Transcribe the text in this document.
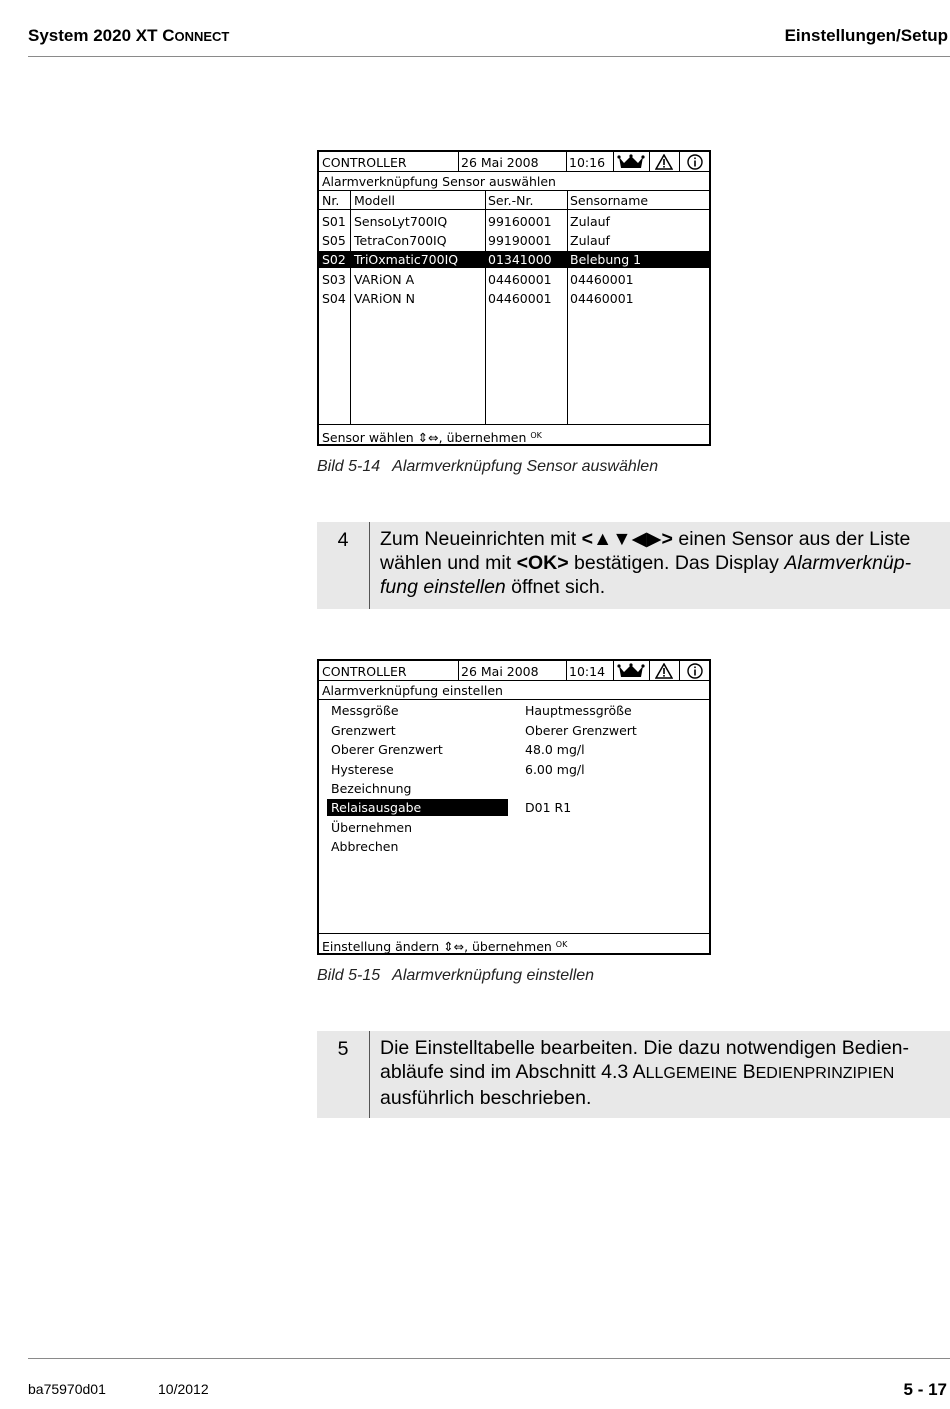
System 2020 XT CONNECT	Einstellungen/Setup
CONTROLLER	26 Mai 2008 10:16
Alarmverknüpfung Sensor auswählen
Nr. Modell	Ser.-Nr.	Sensorname
S01 SensoLyt700IQ	99160001 Zulauf
S05 TetraCon700IQ	99190001 Zulauf
S02 TriOxmatic700IQ 01341000 Belebung 1
S03 VARiON A	04460001 04460001
S04 VARiON N	04460001 04460001
Sensor wählen ⇕⇔, übernehmen $^{OK}$
Bild 5-14 Alarmverknüpfung Sensor auswählen
4	Zum Neueinrichten mit <▲▼◀▶> einen Sensor aus der Liste wählen und mit <OK> bestätigen. Das Display Alarmverknüp-fung einstellen öffnet sich.
CONTROLLER	26 Mai 2008 10:14
Alarmverknüpfung einstellen
Messgröße	Hauptmessgröße
Grenzwert	Oberer Grenzwert
Oberer Grenzwert	48.0 mg/l
Hysterese	6.00 mg/l
Bezeichnung
Relaisausgabe	D01 R1
Übernehmen
Abbrechen
Einstellung ändern ⇕⇔, übernehmen $^{OK}$
Bild 5-15 Alarmverknüpfung einstellen
5	Die Einstelltabelle bearbeiten. Die dazu notwendigen Bedien-abläufe sind im Abschnitt 4.3 ALLGEMEINE BEDIENPRINZIPIEN ausführlich beschrieben.
ba75970d01	10/2012	5 - 17
